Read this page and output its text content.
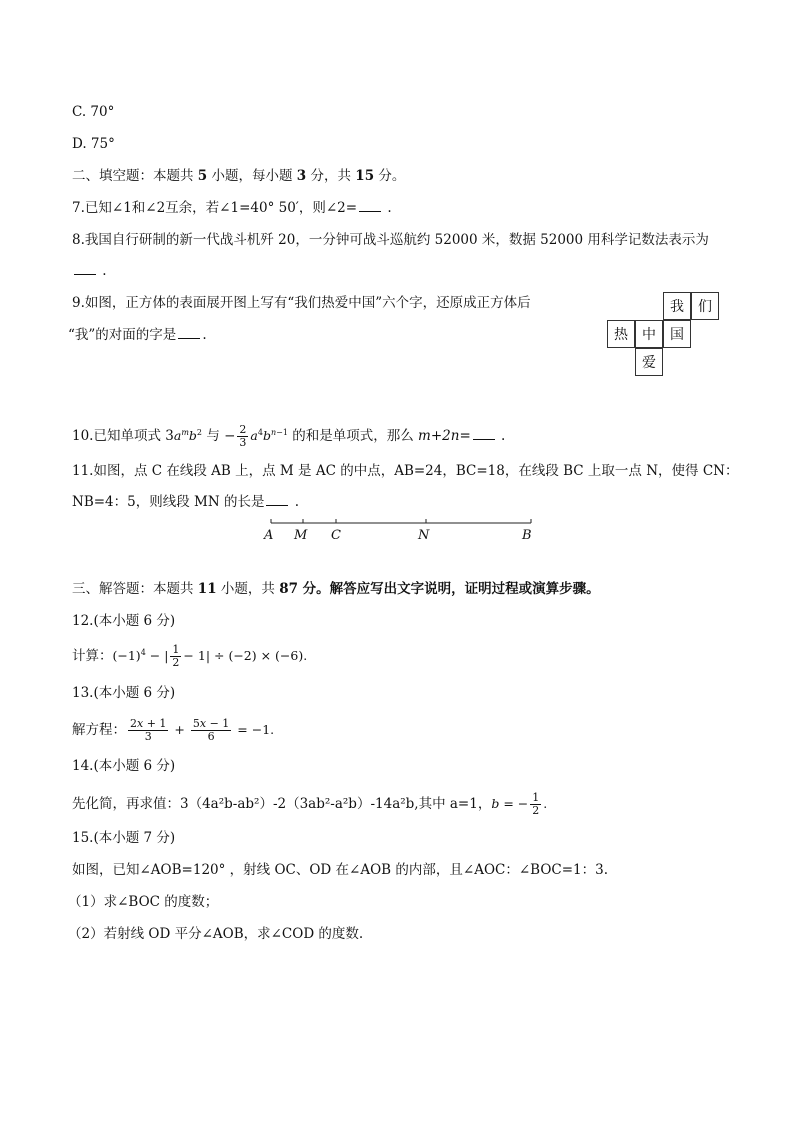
C. 70°
D. 75°
二、填空题：本题共 5 小题，每小题 3 分，共 15 分。
7.已知∠1和∠2互余，若∠1=40° 50′，则∠2= .
8.我国自行研制的新一代战斗机歼 20，一分钟可战斗巡航约 52000 米，数据 52000 用科学记数法表示为
.
9.如图，正方体的表面展开图上写有“我们热爱中国”六个字，还原成正方体后
“我”的对面的字是 .
我	们
热	中	国
爱
10.已知单项式 $3a^mb^2$ 与 − $\frac{2}{3} a^4b^{n-1}$ 的和是单项式，那么 m+2n= .
11.如图，点 C 在线段 AB 上，点 M 是 AC 的中点，AB=24，BC=18，在线段 BC 上取一点 N，使得 CN：
NB=4：5，则线段 MN 的长是 .
A M C	N	B
三、解答题：本题共 11 小题，共 87 分。解答应写出文字说明，证明过程或演算步骤。
12.(本小题 6 分)
计算：$(-1)^4$ − | $\frac{1}{2} - 1| \div (-2) \times (-6)$.
13.(本小题 6 分)
解方程： $\frac{2x + 1}{3} + \frac{5x - 1}{6} = -1$.
14.(本小题 6 分)
先化简，再求值：3（4a²b-ab²）-2（3ab²-a²b）-14a²b,其中 a=1，b = − $\frac{1}{2}$ .
15.(本小题 7 分)
如图，已知∠AOB=120° ，射线 OC、OD 在∠AOB 的内部，且∠AOC：∠BOC=1：3.
（1）求∠BOC 的度数；
（2）若射线 OD 平分∠AOB，求∠COD 的度数.
